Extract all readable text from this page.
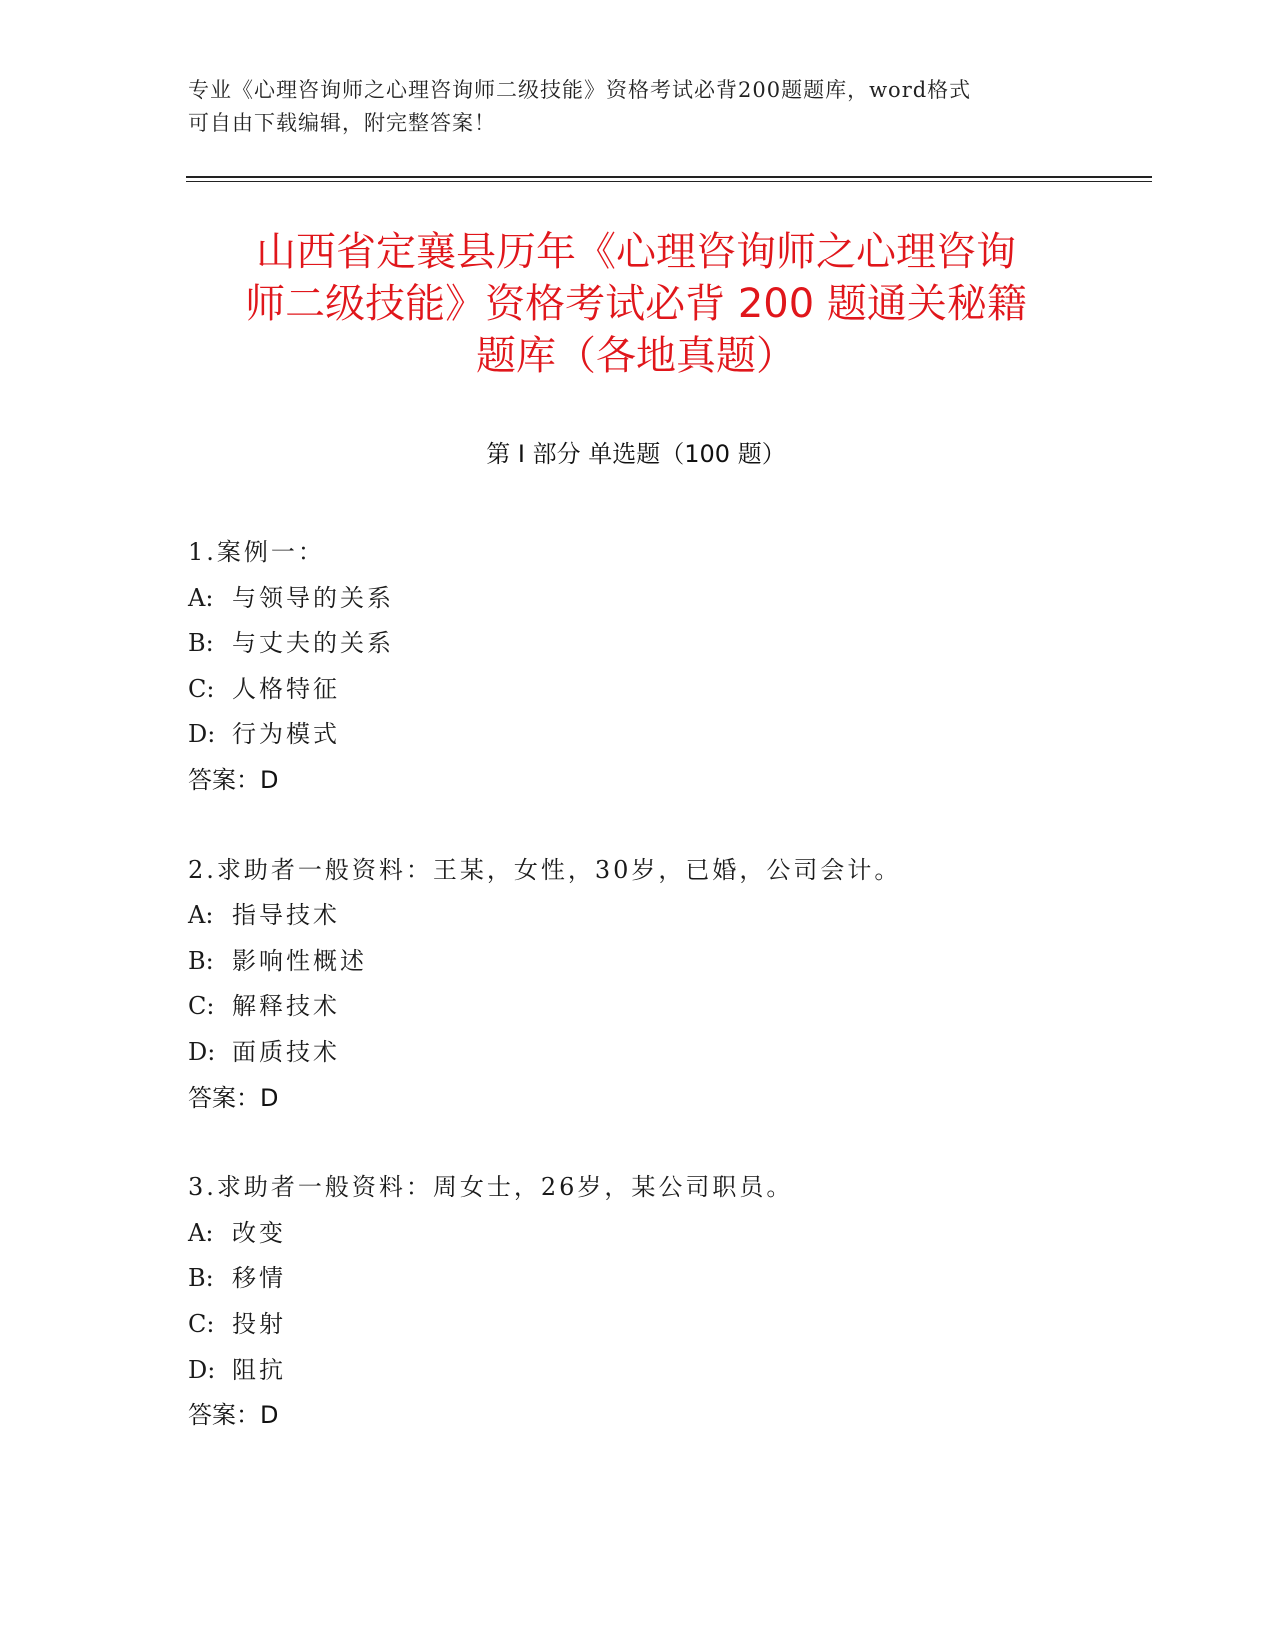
专业《心理咨询师之心理咨询师二级技能》资格考试必背200题题库，word格式
可自由下载编辑，附完整答案！
山西省定襄县历年《心理咨询师之心理咨询
师二级技能》资格考试必背 200 题通关秘籍
题库（各地真题）
第 I 部分 单选题（100 题）
1.案例一：
A: 与领导的关系
B: 与丈夫的关系
C: 人格特征
D: 行为模式
答案：D
2.求助者一般资料：王某，女性，30岁，已婚，公司会计。
A: 指导技术
B: 影响性概述
C: 解释技术
D: 面质技术
答案：D
3.求助者一般资料：周女士，26岁，某公司职员。
A: 改变
B: 移情
C: 投射
D: 阻抗
答案：D
